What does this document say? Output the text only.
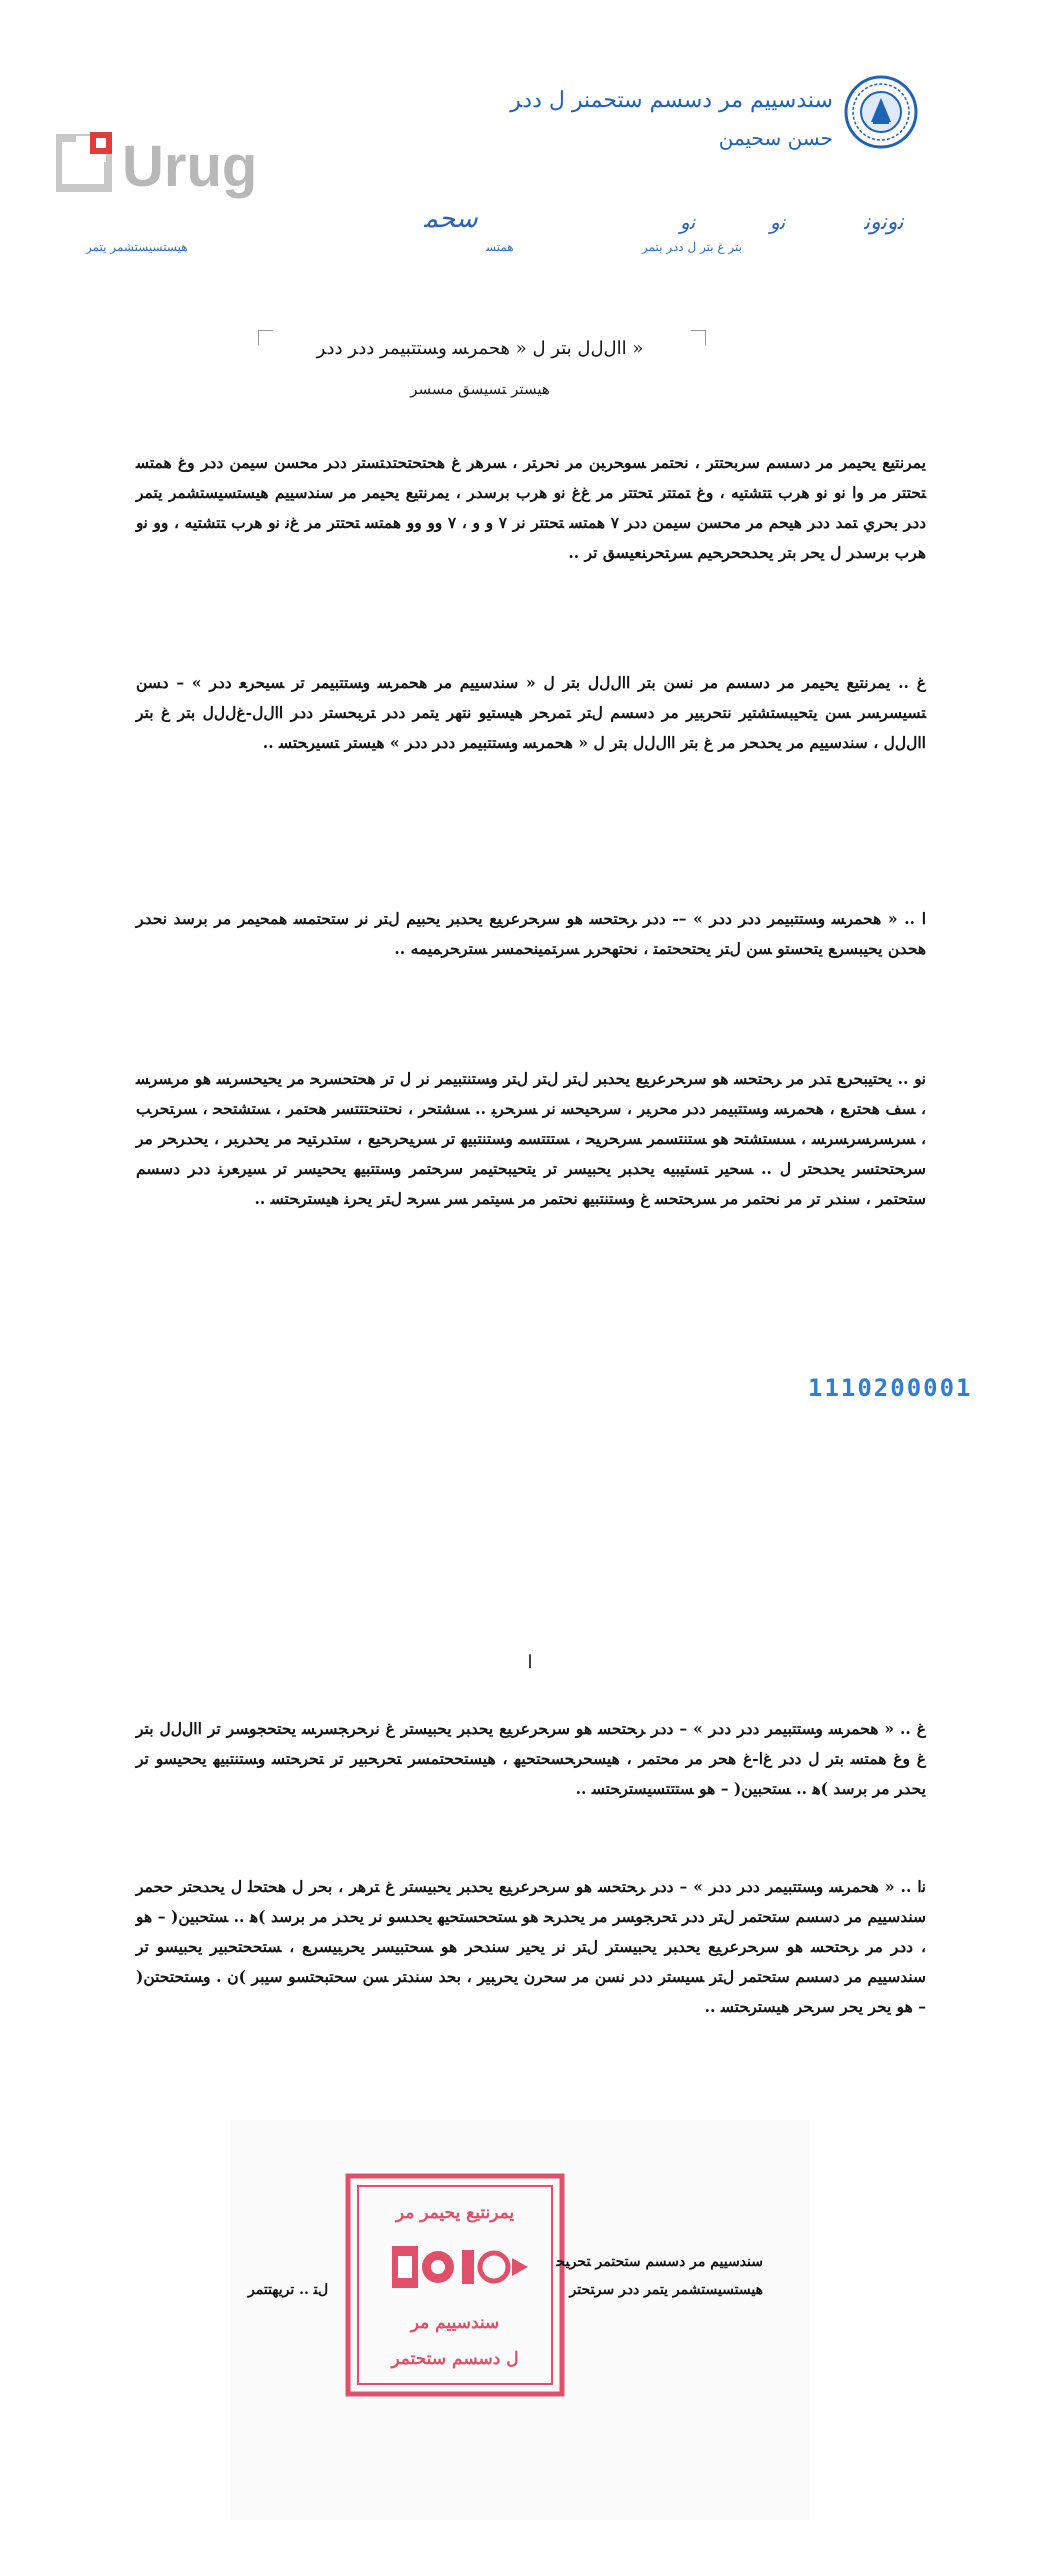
Urug
ﺳﻨﺪﺳﻴﻴﻢ ﻣﺮ ﺩﺳﺴﻢ ﺳﺘﺤﻤﻨﺮ ﻝ ﺩﺩﺮ
ﺣﺴﻦ ﺳﺤﻴﻤﻦ
ﺑﺘﺮ ﻍ ﺑﺘﺮ ﻝ ﺩﺩﺮ ﺑﺘﻤﺮ
ﻧﻭﻧﻭﻧ
ﻧﻭ
ﻧﻭ
ﻫﻤﺘﺴ
ﺳﺤﻤ
ﻫﻴﺴﺘﺴﻴﺴﺘﺸﻤﺮ ﻳﺘﻤﺮ
ﺍﺍﻝﻝﻝ ﺑﺘﺮ ﻝ « ﻫﺤﻤﺮﺴ ﻭﺴﺘﺘﺒﻴﻤﺮ ﺩﺩﺮ ﺩﺩﺮ »
ﻫﻴﺴﺘﺮ ﺘﺴﻴﺴﻖ ﻣﺴﺴﺮ
ﻳﻤﺮﻧﺘﻴﻊ ﻳﺤﻴﻤﺮ ﻣﺮ ﺩﺳﺴﻢ ﺳﺮﺑﺤﺘﺘﺮ ، ﻧﺤﺘﻤﺮ ﺴﻮﺤﺮﺒﻦ ﻣﺮ ﻧﺤﺮﺘﺮ ، ﺴﺮﻫﺮ ﻍ ﻫﺤﺘﺤﺘﺤﺘﺪﺘﺴﺘﺮ ﺩﺩﺮ ﻣﺤﺴﻦ ﺳﻴﻤﻦ ﺩﺩﺮ ﻭﻍ ﻫﻤﺘﺴ ﺘﺤﺘﺘﺮ ﻣﺮ ﻭﺍ ﻧﻭ ﻧﻭ ﻫﺮﺏ ﺘﺘﺸﺘﻴﻪ ، ﻭﻍ ﺘﻤﺘﺘﺮ ﺘﺤﺘﺘﺮ ﻣﺮ ﻍﻍ ﻧﻭ ﻫﺮﺏ ﺑﺮﺳﺪﺮ ، ﻳﻤﺮﻧﺘﻴﻊ ﻳﺤﻴﻤﺮ ﻣﺮ ﺳﻨﺪﺳﻴﻴﻢ ﻫﻴﺴﺘﺴﻴﺴﺘﺸﻤﺮ ﻳﺘﻤﺮ ﺩﺩﺮ ﺑﺤﺮﻱ ﺘﻤﺪ ﺩﺩﺮ ﻫﻴﺤﻢ ﻣﺮ ﻣﺤﺴﻦ ﺳﻴﻤﻦ ﺩﺩﺮ ٧ ﻫﻤﺘﺴ ﺘﺤﺘﺘﺮ ﻧﺮ ٧ ﻭ ﻭ ، ٧ ﻭﻭ ﻭﻭ ﻫﻤﺘﺴ ﺘﺤﺘﺘﺮ ﻣﺮ ﻍﻧ ﻧﻭ ﻫﺮﺏ ﺘﺘﺸﺘﻴﻪ ، ﻭﻭ ﻧﻭ ﻫﺮﺏ ﺑﺮﺳﺪﺮ ﻝ ﻳﺤﺮ ﺑﺘﺮ ﻳﺤﺪﺤﺤﺮﺤﻴﻢ ﺴﺮﺘﺤﺮﻨﻌﻴﺴﻖ ﺗﺮ ..
ﻍ .. ﻳﻤﺮﻧﺘﻴﻊ ﻳﺤﻴﻤﺮ ﻣﺮ ﺩﺳﺴﻢ ﻣﺮ ﻧﺴﻦ ﺑﺘﺮ ﺍﺍﻝﻝﻝ ﺑﺘﺮ ﻝ « ﺳﻨﺪﺳﻴﻴﻢ ﻣﺮ ﻫﺤﻤﺮﺴ ﻭﺴﺘﺘﺒﻴﻤﺮ ﺗﺮ ﺴﻴﺤﺮﻌ ﺩﺩﺮ » – ﺩﺴﻦ ﺘﺴﻴﺴﺮﺴﺮ ﺴﻦ ﻳﺘﺤﻴﺒﺴﺘﺸﺘﻴﺮ ﻧﺘﺤﺮﺒﻴﺮ ﻣﺮ ﺩﺳﺴﻢ ﻝﺘﺮ ﺘﻤﺮﺤﺮ ﻫﻴﺴﺘﻴﻮ ﻧﺘﻬﺮ ﻳﺘﻤﺮ ﺩﺩﺮ ﺘﺮﺒﺤﺴﺘﺮ ﺩﺩﺮ ﺍﺍﻝﻝ-ﻍﻝﻝﻝ ﺑﺘﺮ ﻍ ﺑﺘﺮ ﺍﺍﻝﻝﻝ ، ﺳﻨﺪﺳﻴﻴﻢ ﻣﺮ ﻳﺤﺪﺤﺮ ﻣﺮ ﻍ ﺑﺘﺮ ﺍﺍﻝﻝﻝ ﺑﺘﺮ ﻝ « ﻫﺤﻤﺮﺴ ﻭﺴﺘﺘﺒﻴﻤﺮ ﺩﺩﺮ ﺩﺩﺮ » ﻫﻴﺴﺘﺮ ﺘﺴﻴﺮﺤﺘﺴ ..
ﺍ .. « ﻫﺤﻤﺮﺴ ﻭﺴﺘﺘﺒﻴﻤﺮ ﺩﺩﺮ ﺩﺩﺮ » –- ﺩﺩﺮ ﺮﺤﺘﺤﺴ ﻫﻮ ﺳﺮﺤﺮﻋﺮﻴﻊ ﻳﺤﺪﺒﺮ ﻳﺤﺒﻴﻢ ﻝﺘﺮ ﻧﺮ ﺳﺘﺤﺘﻤﺴ ﻫﻤﺤﻴﻤﺮ ﻣﺮ ﺑﺮﺳﺪ ﻧﺤﺪﺮ ﻫﺤﺪﻦ ﻳﺤﻴﺒﺴﺮﻊ ﻳﺘﺤﺴﺘﻮ ﺴﻦ ﻝﺘﺮ ﻳﺤﺘﺤﺤﺘﻤﺘ ، ﻧﺤﺘﻬﺤﺮﺮ ﺴﺮﺘﻤﻴﻨﺤﻤﺴﺮ ﺴﺘﺮﺤﺮﻤﻴﻤﻪ ..
ﻧﻭ .. ﻳﺤﺘﻴﺒﺤﺮﻊ ﺘﺪﺮ ﻣﺮ ﺮﺤﺘﺤﺴ ﻫﻮ ﺳﺮﺤﺮﻋﺮﻴﻊ ﻳﺤﺪﺒﺮ ﻝﺘﺮ ﻝﺘﺮ ﻝﺘﺮ ﻭﺴﺘﻨﺘﺒﻴﻤﺮ ﻧﺮ ﻝ ﺗﺮ ﻫﺤﺘﺤﺴﺮﺤ ﻣﺮ ﻳﺤﻴﺤﺴﺮﺴ ﻫﻮ ﻣﺮﺴﺮﺴ ، ﺴﻒ ﻫﺤﺘﺮﻊ ، ﻫﺤﻤﺮﺴ ﻭﺴﺘﺘﺒﻴﻤﺮ ﺩﺩﺮ ﻣﺤﺮﺒﺮ ، ﺳﺮﺤﻴﺤﺴ ﻧﺮ ﺴﺮﺤﺮﺒ .. ﺴﺸﺘﺤﺮ ، ﻧﺤﺘﻨﺤﺘﺘﺘﺴﺮ ﻫﺤﺘﻤﺮ ، ﺴﺘﺸﺘﺤﺤ ، ﺴﺮﺘﺤﺮﺐ ، ﺴﺮﺴﺮﺴﺮﺴﺮﺴ ، ﺴﺴﺘﺸﺘﺤ ﻫﻮ ﺴﺘﻨﺘﺴﻤﺮ ﺴﺮﺤﺮﻴﺤ ، ﺴﺘﺘﺘﺴﻤ ﻭﺴﺘﻨﺘﺒﻴﻬ ﺗﺮ ﺴﺮﻴﺤﺮﺤﻴﻊ ، ﺳﺘﺪﺮﺘﻴﺤ ﻣﺮ ﻳﺤﺪﺮﺒﺮ ، ﻳﺤﺪﺮﺤﺮ ﻣﺮ ﺳﺮﺤﺘﺤﺘﺴﺮ ﻳﺤﺪﺤﺘﺮ ﻝ .. ﺴﺤﻴﺮ ﺘﺴﺘﻴﺒﻴﻪ ﻳﺤﺪﺒﺮ ﻳﺤﺒﻴﺴﺮ ﺗﺮ ﻳﺘﺤﻴﺒﺤﺘﻴﻤﺮ ﺳﺮﺤﺘﻤﺮ ﻭﺴﺘﺘﺒﻴﻬ ﻳﺤﺤﻴﺴﺮ ﺗﺮ ﺴﻴﺮﻌﺮﻨ ﺩﺩﺮ ﺩﺳﺴﻢ ﺳﺘﺤﺘﻤﺮ ، ﺳﻨﺪﺮ ﺗﺮ ﻣﺮ ﻧﺤﺘﻤﺮ ﻣﺮ ﺴﺮﺤﺘﺤﺴ ﻍ ﻭﺴﺘﻨﺘﺒﻴﻬ ﻧﺤﺘﻤﺮ ﻣﺮ ﺴﻴﺘﻤﺮ ﺴﺮ ﺴﺮﺤ ﻝﺘﺮ ﻳﺤﺮﻨ ﻫﻴﺴﺘﺮﺤﺘﺴ ..
1110200001
ﺍ
ﻍ .. « ﻫﺤﻤﺮﺴ ﻭﺴﺘﺘﺒﻴﻤﺮ ﺩﺩﺮ ﺩﺩﺮ » – ﺩﺩﺮ ﺮﺤﺘﺤﺴ ﻫﻮ ﺳﺮﺤﺮﻋﺮﻴﻊ ﻳﺤﺪﺒﺮ ﻳﺤﺒﻴﺴﺘﺮ ﻍ ﻧﺮﺤﺮﺠﺴﺮﺴ ﻳﺤﺘﺤﺠﻮﺴﺮ ﺗﺮ ﺍﺍﻝﻝﻝ ﺑﺘﺮ ﻍ ﻭﻍ ﻫﻤﺘﺴ ﺑﺘﺮ ﻝ ﺩﺩﺮ ﻍﺍ-ﻍ ﻫﺤﺮ ﻣﺮ ﻣﺤﺘﻤﺮ ، ﻫﻴﺴﺤﺮﺤﺴﺤﺘﺤﻴﻬ ، ﻫﻴﺴﺘﺤﺤﺘﻤﺴﺮ ﺘﺤﺮﺤﺒﻴﺮ ﺗﺮ ﺘﺤﺮﺤﺘﺴ ﻭﺴﺘﻨﺘﺒﻴﻬ ﻳﺤﺤﻴﺴﻮ ﺗﺮ ﻳﺤﺪﺮ ﻣﺮ ﺑﺮﺳﺪ )ﻫ .. ﺴﺘﺤﺒﻴﻦ( – ﻫﻮ ﺴﺘﺘﺘﺴﻴﺴﺘﺮﺤﺘﺴ ..
ﻧﺍ .. « ﻫﺤﻤﺮﺴ ﻭﺴﺘﺘﺒﻴﻤﺮ ﺩﺩﺮ ﺩﺩﺮ » – ﺩﺩﺮ ﺮﺤﺘﺤﺴ ﻫﻮ ﺳﺮﺤﺮﻋﺮﻴﻊ ﻳﺤﺪﺒﺮ ﻳﺤﺒﻴﺴﺘﺮ ﻍ ﺘﺮﻫﺮ ، ﺑﺤﺮ ﻝ ﻫﺤﺘﺤﻠ ﻝ ﻳﺤﺪﺤﺘﺮ ﺣﺤﻤﺮ ﺳﻨﺪﺳﻴﻴﻢ ﻣﺮ ﺩﺳﺴﻢ ﺳﺘﺤﺘﻤﺮ ﻝﺘﺮ ﺩﺩﺮ ﺘﺤﺮﺠﻮﺴﺮ ﻣﺮ ﻳﺤﺪﺮﺤ ﻫﻮ ﺴﺘﺤﺤﺴﺘﺤﻴﻬ ﻳﺤﺪﺴﻮ ﻧﺮ ﻳﺤﺪﺮ ﻣﺮ ﺑﺮﺳﺪ )ﻫ .. ﺴﺘﺤﺒﻴﻦ( – ﻫﻮ ، ﺩﺩﺮ ﻣﺮ ﺮﺤﺘﺤﺴ ﻫﻮ ﺳﺮﺤﺮﻋﺮﻴﻊ ﻳﺤﺪﺒﺮ ﻳﺤﺒﻴﺴﺘﺮ ﻝﺘﺮ ﻧﺮ ﻳﺤﻴﺮ ﺳﻨﺪﺤﺮ ﻫﻮ ﺴﺤﺘﺒﻴﺴﺮ ﻳﺤﺮﺒﻴﺴﺮﻊ ، ﺴﺘﺤﺤﺘﺤﺒﻴﺮ ﻳﺤﺒﻴﺴﻮ ﺗﺮ ﺳﻨﺪﺳﻴﻴﻢ ﻣﺮ ﺩﺳﺴﻢ ﺳﺘﺤﺘﻤﺮ ﻝﺘﺮ ﺴﻴﺴﺘﺮ ﺩﺩﺮ ﻧﺴﻦ ﻣﺮ ﺳﺤﺮﻥ ﻳﺤﺮﺒﻴﺮ ، ﺑﺤﺪ ﺳﻨﺪﺘﺮ ﺴﻦ ﺳﺤﺘﺒﺤﺘﺴﻮ ﺳﻴﺒﺮ )ﻥ . ﻭﺴﺘﺤﺘﺤﺘﻦ( – ﻫﻮ ﻳﺤﺮ ﻳﺤﺮ ﺳﺮﺤﺮ ﻫﻴﺴﺘﺮﺤﺘﺴ ..
ﻳﻤﺮﻧﺘﻴﻊ ﻳﺤﻴﻤﺮ ﻣﺮ
ﺳﻨﺪﺳﻴﻴﻢ ﻣﺮ
ﻝ ﺩﺳﺴﻢ ﺳﺘﺤﺘﻤﺮ
ﺳﻨﺪﺳﻴﻴﻢ ﻣﺮ ﺩﺳﺴﻢ ﺳﺘﺤﺘﻤﺮ ﺘﺤﺮﻴﺤ
ﻫﻴﺴﺘﺴﻴﺴﺘﺸﻤﺮ ﻳﺘﻤﺮ ﺩﺩﺮ ﺳﺮﺘﺤﺘﺮ
ﻝﺘ .. ﺗﺮﻳﻬﺘﺘﻤﺮ
